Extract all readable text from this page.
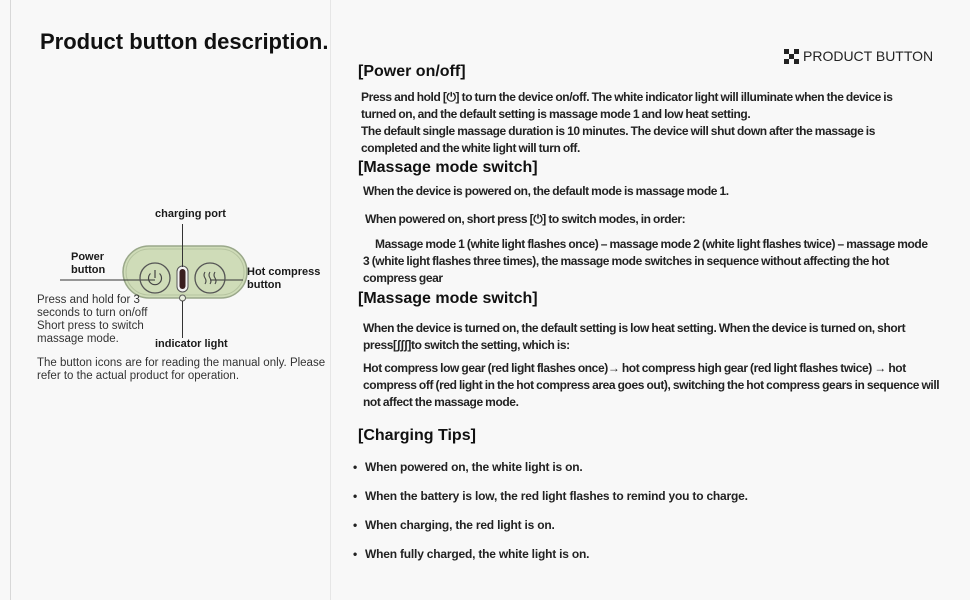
Product button description.
charging port
Power
button	Hot compress
button
indicator light
Press and hold for 3
seconds to turn on/off
Short press to switch
massage mode.
The button icons are for reading the manual only. Please
refer to the actual product for operation.
PRODUCT BUTTON
[Power on/off]
Press and hold [⏻] to turn the device on/off. The white indicator light will illuminate when the device is
turned on, and the default setting is massage mode 1 and low heat setting.
The default single massage duration is 10 minutes. The device will shut down after the massage is
completed and the white light will turn off.
[Massage mode switch]
When the device is powered on, the default mode is massage mode 1.
When powered on, short press [⏻] to switch modes, in order:
Massage mode 1 (white light flashes once) – massage mode 2 (white light flashes twice) – massage mode
3 (white light flashes three times), the massage mode switches in sequence without affecting the hot
compress gear
[Massage mode switch]
When the device is turned on, the default setting is low heat setting. When the device is turned on, short
press[ʃʃʃ]to switch the setting, which is:
Hot compress low gear (red light flashes once)→ hot compress high gear (red light flashes twice) → hot
compress off (red light in the hot compress area goes out), switching the hot compress gears in sequence will
not affect the massage mode.
[Charging Tips]
• When powered on, the white light is on.
• When the battery is low, the red light flashes to remind you to charge.
• When charging, the red light is on.
• When fully charged, the white light is on.
